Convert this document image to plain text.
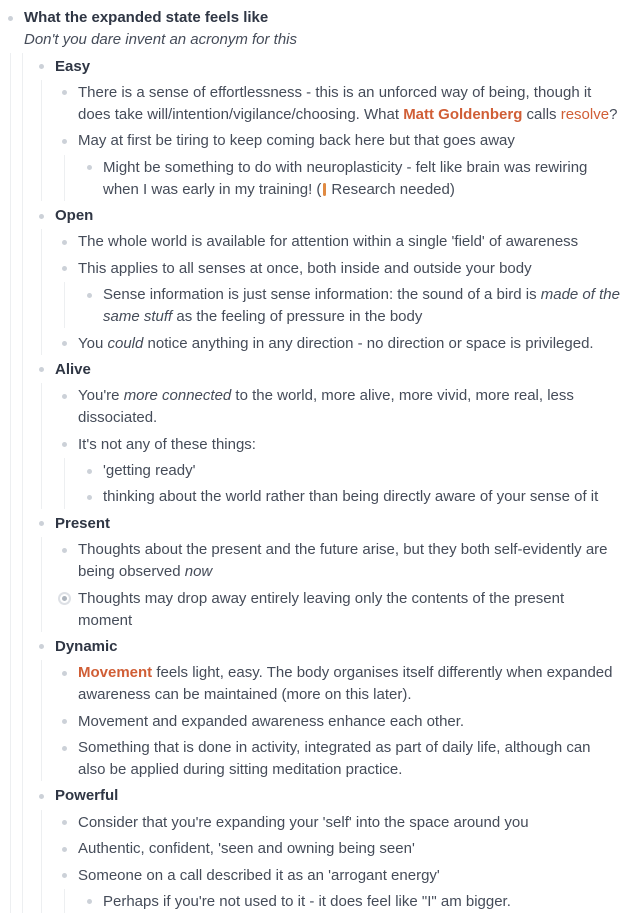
What the expanded state feels like
Don't you dare invent an acronym for this
Easy
There is a sense of effortlessness - this is an unforced way of being, though it does take will/intention/vigilance/choosing. What Matt Goldenberg calls resolve?
May at first be tiring to keep coming back here but that goes away
Might be something to do with neuroplasticity - felt like brain was rewiring when I was early in my training! ( Research needed)
Open
The whole world is available for attention within a single 'field' of awareness
This applies to all senses at once, both inside and outside your body
Sense information is just sense information: the sound of a bird is made of the same stuff as the feeling of pressure in the body
You could notice anything in any direction - no direction or space is privileged.
Alive
You're more connected to the world, more alive, more vivid, more real, less dissociated.
It's not any of these things:
'getting ready'
thinking about the world rather than being directly aware of your sense of it
Present
Thoughts about the present and the future arise, but they both self-evidently are being observed now
Thoughts may drop away entirely leaving only the contents of the present moment
Dynamic
Movement feels light, easy. The body organises itself differently when expanded awareness can be maintained (more on this later).
Movement and expanded awareness enhance each other.
Something that is done in activity, integrated as part of daily life, although can also be applied during sitting meditation practice.
Powerful
Consider that you're expanding your 'self' into the space around you
Authentic, confident, 'seen and owning being seen'
Someone on a call described it as an 'arrogant energy'
Perhaps if you're not used to it - it does feel like "I" am bigger.
